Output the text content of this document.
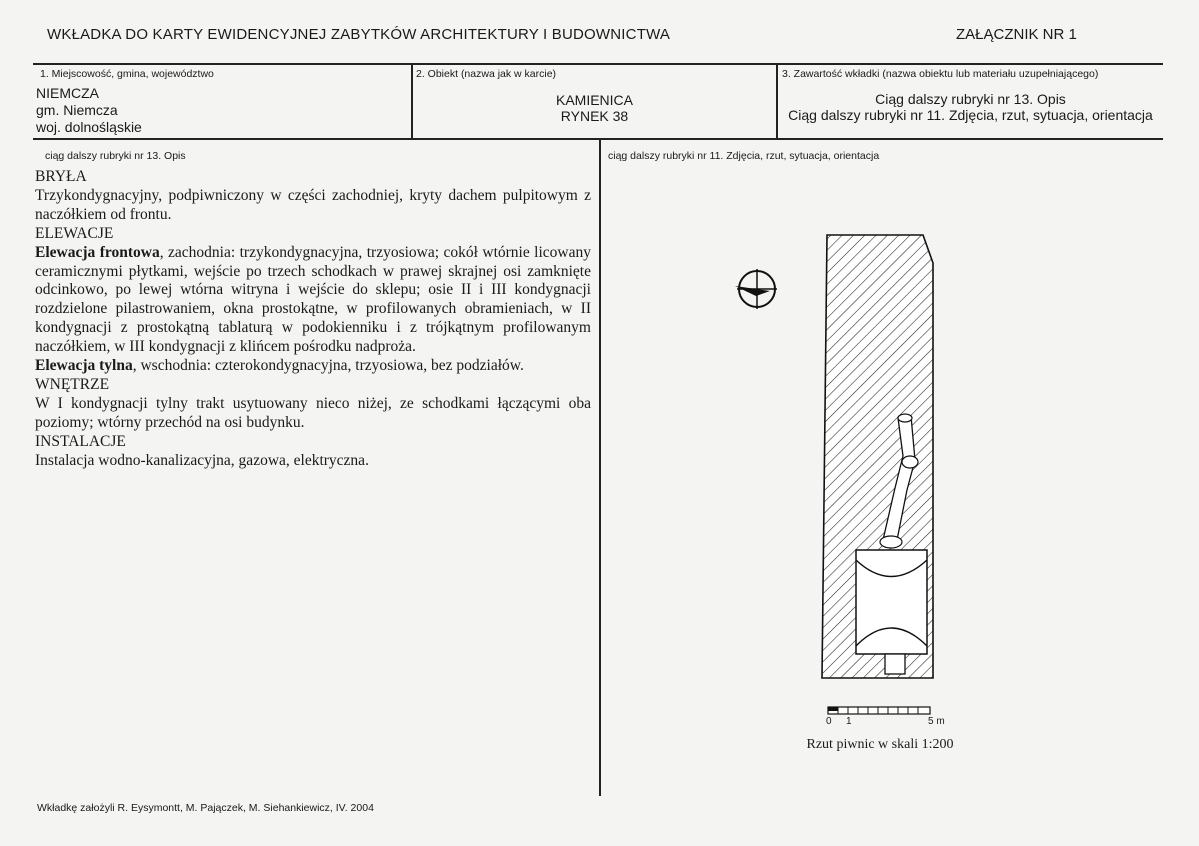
WKŁADKA DO KARTY EWIDENCYJNEJ ZABYTKÓW ARCHITEKTURY I BUDOWNICTWA	ZAŁĄCZNIK NR 1
1. Miejscowość, gmina, województwo
NIEMCZA
gm. Niemcza
woj. dolnośląskie
2. Obiekt (nazwa jak w karcie)
KAMIENICA
RYNEK 38
3. Zawartość wkładki (nazwa obiektu lub materiału uzupełniającego)
Ciąg dalszy rubryki nr 13. Opis
Ciąg dalszy rubryki nr 11. Zdjęcia, rzut, sytuacja, orientacja
ciąg dalszy rubryki nr 13. Opis

BRYŁA

Trzykondygnacyjny, podpiwniczony w części zachodniej, kryty dachem pulpitowym z naczółkiem od frontu.

ELEWACJE

Elewacja frontowa, zachodnia: trzykondygnacyjna, trzyosiowa; cokół wtórnie licowany ceramicznymi płytkami, wejście po trzech schodkach w prawej skrajnej osi zamknięte odcinkowo, po lewej wtórna witryna i wejście do sklepu; osie II i III kondygnacji rozdzielone pilastrowaniem, okna prostokątne, w profilowanych obramieniach, w II kondygnacji z prostokątną tablaturą w podokienniku i z trójkątnym profilowanym naczółkiem, w III kondygnacji z klińcem pośrodku nadproża.

Elewacja tylna, wschodnia: czterokondygnacyjna, trzyosiowa, bez podziałów.

WNĘTRZE

W I kondygnacji tylny trakt usytuowany nieco niżej, ze schodkami łączącymi oba poziomy; wtórny przechód na osi budynku.

INSTALACJE

Instalacja wodno-kanalizacyjna, gazowa, elektryczna.

ciąg dalszy rubryki nr 11. Zdjęcia, rzut, sytuacja, orientacja
0 1	5 m
Rzut piwnic w skali 1:200
Wkładkę założyli R. Eysymontt, M. Pajączek, M. Siehankiewicz, IV. 2004
